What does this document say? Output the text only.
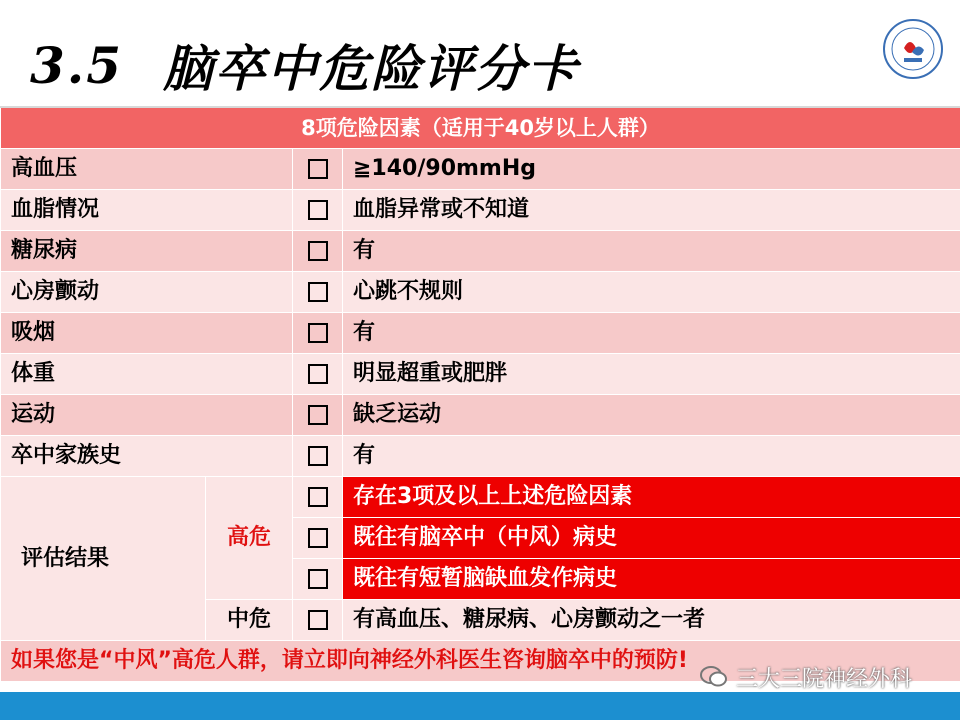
3.5 脑卒中危险评分卡
8项危险因素（适用于40岁以上人群）			
高血压			≧140/90mmHg
血脂情况			血脂异常或不知道
糖尿病			有
心房颤动			心跳不规则
吸烟			有
体重			明显超重或肥胖
运动			缺乏运动
卒中家族史			有
评估结果	高危		存在3项及以上上述危险因素
			既往有脑卒中（中风）病史
			既往有短暂脑缺血发作病史
	中危		有高血压、糖尿病、心房颤动之一者
如果您是“中风”高危人群，请立即向神经外科医生咨询脑卒中的预防!			
三大三院神经外科
